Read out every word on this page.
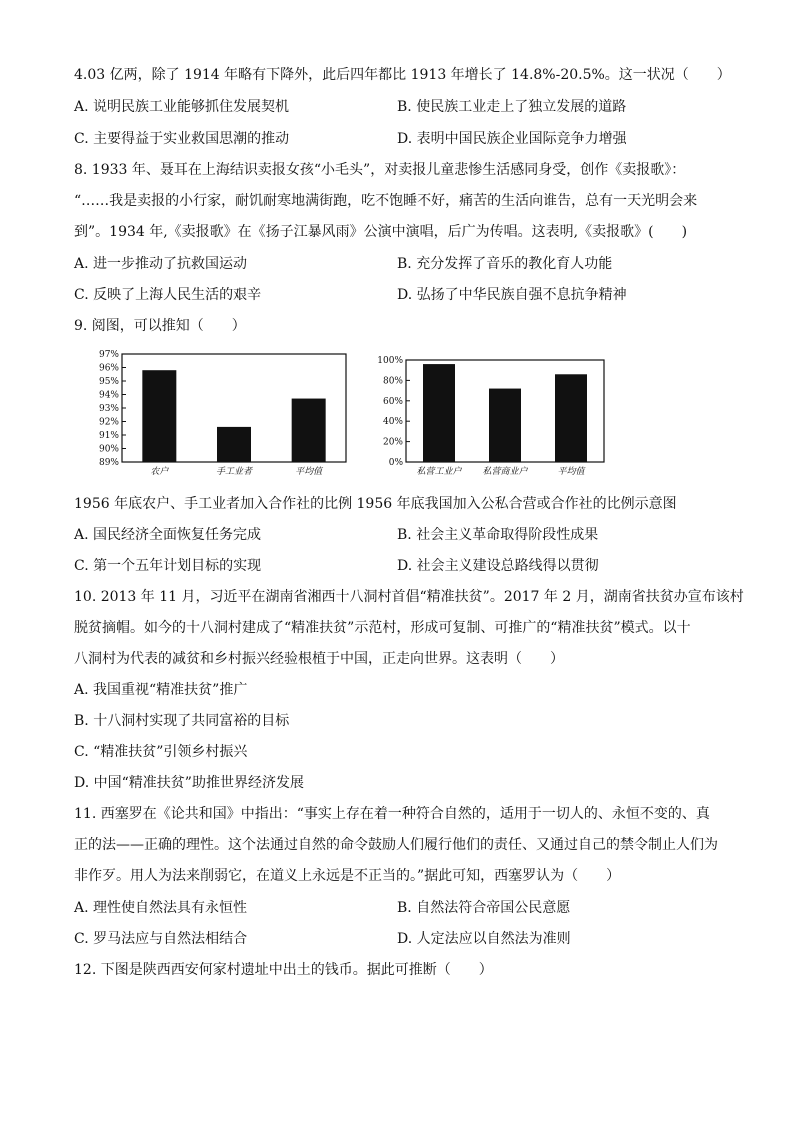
4.03 亿两，除了 1914 年略有下降外，此后四年都比 1913 年增长了 14.8%-20.5%。这一状况（　　）
A. 说明民族工业能够抓住发展契机	B. 使民族工业走上了独立发展的道路
C. 主要得益于实业救国思潮的推动	D. 表明中国民族企业国际竞争力增强
8. 1933 年、聂耳在上海结识卖报女孩“小毛头”，对卖报儿童悲惨生活感同身受，创作《卖报歌》：
“……我是卖报的小行家，耐饥耐寒地满街跑，吃不饱睡不好，痛苦的生活向谁告，总有一天光明会来
到”。1934 年,《卖报歌》在《扬子江暴风雨》公演中演唱，后广为传唱。这表明,《卖报歌》(　　)
A. 进一步推动了抗救国运动	B. 充分发挥了音乐的教化育人功能
C. 反映了上海人民生活的艰辛	D. 弘扬了中华民族自强不息抗争精神
9. 阅图，可以推知（　　）
97%
96%
95%
94%
93%
92%
91%
90%
89%
农户	手工业者	平均值
100%
80%
60%
40%
20%
0%
私营工业户 私营商业户	平均值
1956 年底农户、手工业者加入合作社的比例 1956 年底我国加入公私合营或合作社的比例示意图
A. 国民经济全面恢复任务完成	B. 社会主义革命取得阶段性成果
C. 第一个五年计划目标的实现	D. 社会主义建设总路线得以贯彻
10. 2013 年 11 月，习近平在湖南省湘西十八洞村首倡“精准扶贫”。2017 年 2 月，湖南省扶贫办宣布该村
脱贫摘帽。如今的十八洞村建成了“精准扶贫”示范村，形成可复制、可推广的“精准扶贫”模式。以十
八洞村为代表的减贫和乡村振兴经验根植于中国，正走向世界。这表明（　　）
A. 我国重视“精准扶贫”推广
B. 十八洞村实现了共同富裕的目标
C. “精准扶贫”引领乡村振兴
D. 中国“精准扶贫”助推世界经济发展
11. 西塞罗在《论共和国》中指出：“事实上存在着一种符合自然的，适用于一切人的、永恒不变的、真
正的法——正确的理性。这个法通过自然的命令鼓励人们履行他们的责任、又通过自己的禁令制止人们为
非作歹。用人为法来削弱它，在道义上永远是不正当的。”据此可知，西塞罗认为（　　）
A. 理性使自然法具有永恒性	B. 自然法符合帝国公民意愿
C. 罗马法应与自然法相结合	D. 人定法应以自然法为准则
12. 下图是陕西西安何家村遗址中出土的钱币。据此可推断（　　）
